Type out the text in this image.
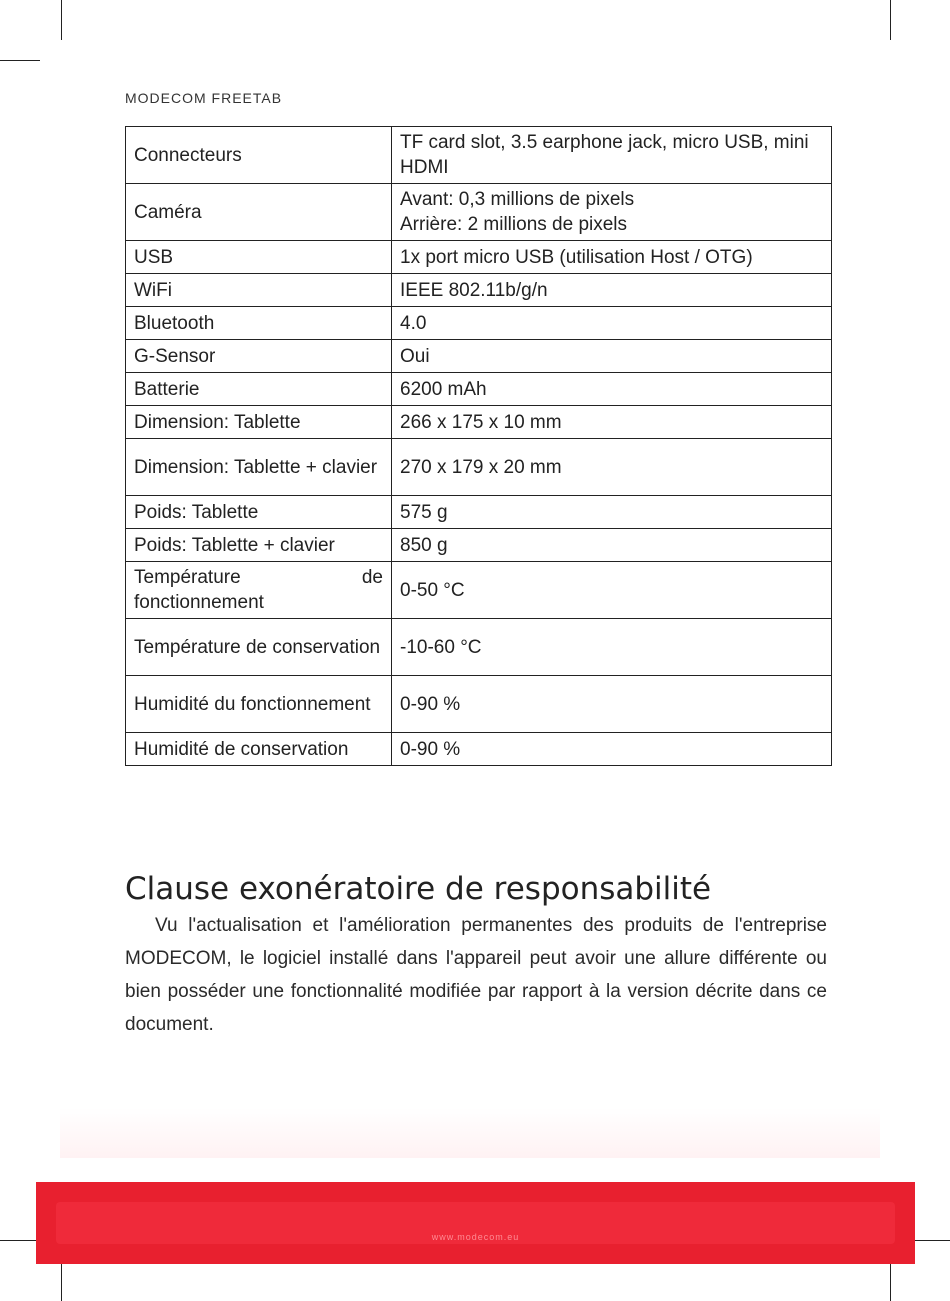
MODECOM FREETAB
Connecteurs	TF card slot, 3.5 earphone jack, micro USB, mini HDMI
Caméra	Avant: 0,3 millions de pixels
Arrière: 2 millions de pixels
USB	1x port micro USB (utilisation Host / OTG)
WiFi	IEEE 802.11b/g/n
Bluetooth	4.0
G-Sensor	Oui
Batterie	6200 mAh
Dimension: Tablette	266 x 175 x 10 mm
Dimension: Tablette + clavier	270 x 179 x 20 mm
Poids: Tablette	575 g
Poids: Tablette + clavier	850 g
Température de fonctionnement	0-50 °C
Température de conservation	-10-60 °C
Humidité du fonctionnement	0-90 %
Humidité de conservation	0-90 %
Clause exonératoire de responsabilité

Vu l'actualisation et l'amélioration permanentes des produits de l'entreprise MODECOM, le logiciel installé dans l'appareil peut avoir une allure différente ou bien posséder une fonctionnalité modifiée par rapport à la version décrite dans ce document.

www.modecom.eu
